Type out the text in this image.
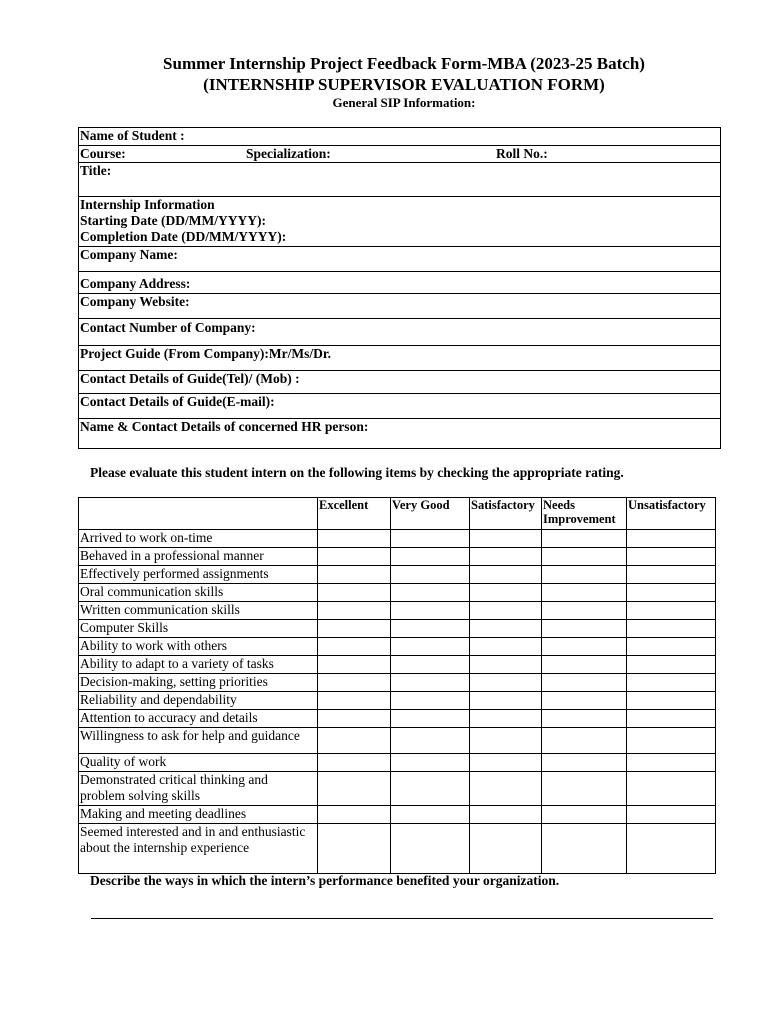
Summer Internship Project Feedback Form-MBA (2023-25 Batch)
(INTERNSHIP SUPERVISOR EVALUATION FORM)
General SIP Information:
Name of Student :

Course:	Specialization:	Roll No.:

Title:

Internship Information
Starting Date (DD/MM/YYYY):
Completion Date (DD/MM/YYYY):

Company Name:
Company Address:
Company Website:
Contact Number of Company:
Project Guide (From Company):Mr/Ms/Dr.
Contact Details of Guide(Tel)/ (Mob) :
Contact Details of Guide(E-mail):
Name & Contact Details of concerned HR person:
Please evaluate this student intern on the following items by checking the appropriate rating.
	Excellent	Very Good	Satisfactory	Needs Improvement	Unsatisfactory
Arrived to work on-time					
Behaved in a professional manner					
Effectively performed assignments					
Oral communication skills					
Written communication skills					
Computer Skills					
Ability to work with others					
Ability to adapt to a variety of tasks					
Decision-making, setting priorities					
Reliability and dependability					
Attention to accuracy and details					
Willingness to ask for help and guidance					
Quality of work					
Demonstrated critical thinking and problem solving skills					
Making and meeting deadlines					
Seemed interested and in and enthusiastic about the internship experience					
Describe the ways in which the intern’s performance benefited your organization.
